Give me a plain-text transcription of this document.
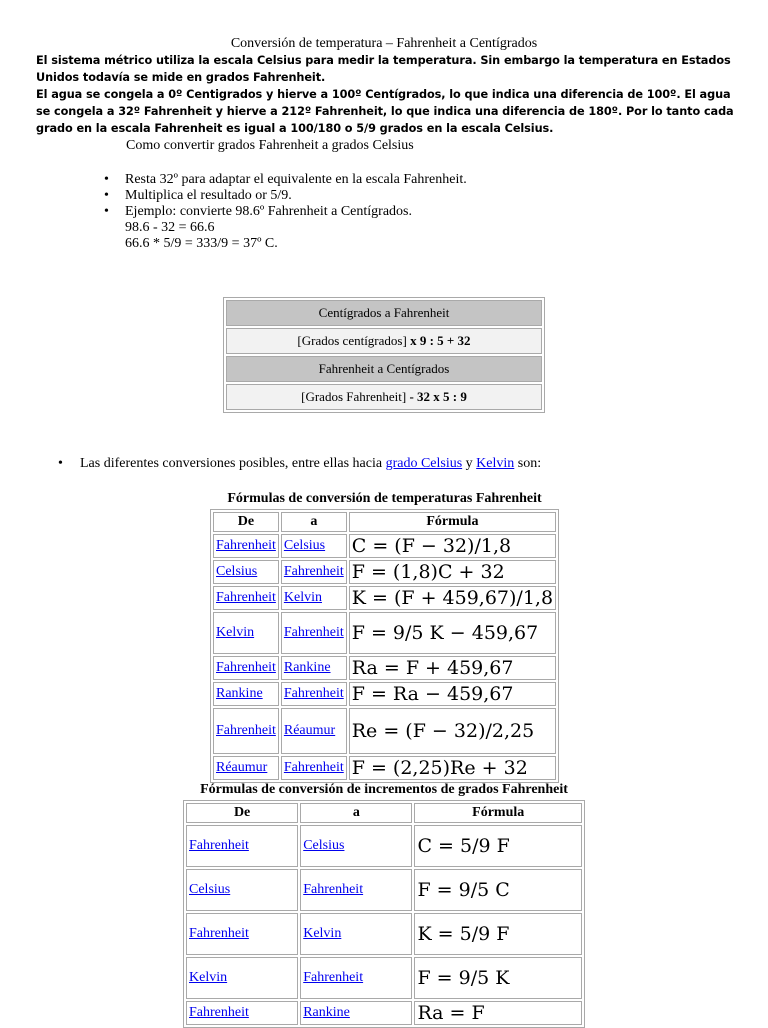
Conversión de temperatura – Fahrenheit a Centígrados

El sistema métrico utiliza la escala Celsius para medir la temperatura. Sin embargo la temperatura en Estados Unidos todavía se mide en grados Fahrenheit.

El agua se congela a 0º Centigrados y hierve a 100º Centígrados, lo que indica una diferencia de 100º. El agua se congela a 32º Fahrenheit y hierve a 212º Fahrenheit, lo que indica una diferencia de 180º. Por lo tanto cada grado en la escala Fahrenheit es igual a 100/180 o 5/9 grados en la escala Celsius.

Como convertir grados Fahrenheit a grados Celsius
• Resta 32º para adaptar el equivalente en la escala Fahrenheit.
• Multiplica el resultado or 5/9.
• Ejemplo: convierte 98.6º Fahrenheit a Centígrados.
98.6 - 32 = 66.6
66.6 * 5/9 = 333/9 = 37º C.
Centígrados a Fahrenheit
[Grados centígrados] x 9 : 5 + 32
Fahrenheit a Centígrados
[Grados Fahrenheit] - 32 x 5 : 9
• Las diferentes conversiones posibles, entre ellas hacia grado Celsius y Kelvin son:
Fórmulas de conversión de temperaturas Fahrenheit
De	a	Fórmula
Fahrenheit	Celsius	C = (F − 32)/1,8
Celsius	Fahrenheit	F = (1,8)C + 32
Fahrenheit	Kelvin	K = (F + 459,67)/1,8
Kelvin	Fahrenheit	F = 9/5 K − 459,67
Fahrenheit	Rankine	Ra = F + 459,67
Rankine	Fahrenheit	F = Ra − 459,67
Fahrenheit	Réaumur	Re = (F − 32)/2,25
Réaumur	Fahrenheit	F = (2,25)Re + 32
Fórmulas de conversión de incrementos de grados Fahrenheit
De	a	Fórmula
Fahrenheit	Celsius	C = 5/9 F
Celsius	Fahrenheit	F = 9/5 C
Fahrenheit	Kelvin	K = 5/9 F
Kelvin	Fahrenheit	F = 9/5 K
Fahrenheit	Rankine	Ra = F
